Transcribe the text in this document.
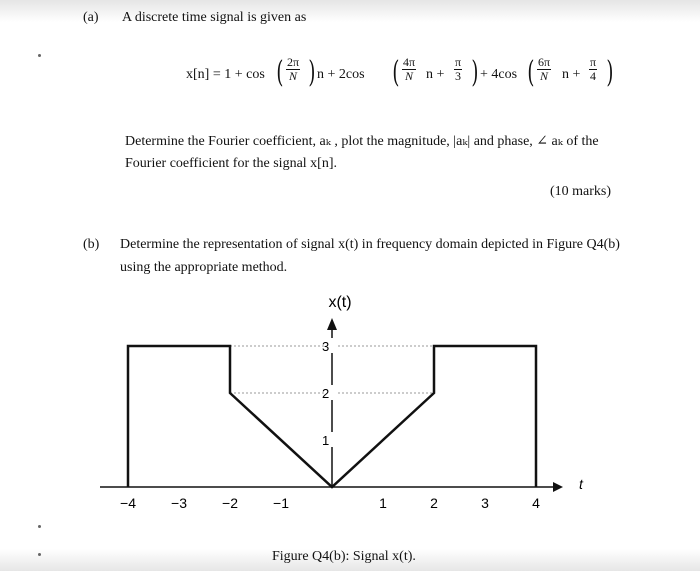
(a) A discrete time signal is given as
x[n] = 1 + cos ( $\frac{2\pi}{N}$ ) n + 2cos ( $\frac{4\pi}{N}$ $n + \frac{\pi}{3}$ ) + 4cos ( $\frac{6\pi}{N}$ $n + \frac{\pi}{4}$ )
Determine the Fourier coefficient, aₖ , plot the magnitude, |aₖ| and phase, ∠ aₖ of the
Fourier coefficient for the signal x[n].
(10 marks)
(b) Determine the representation of signal x(t) in frequency domain depicted in Figure Q4(b)
using the appropriate method.
−4	−3	−2	−1	1	2	3	4
1
2
3
x(t)
t
Figure Q4(b): Signal x(t).
